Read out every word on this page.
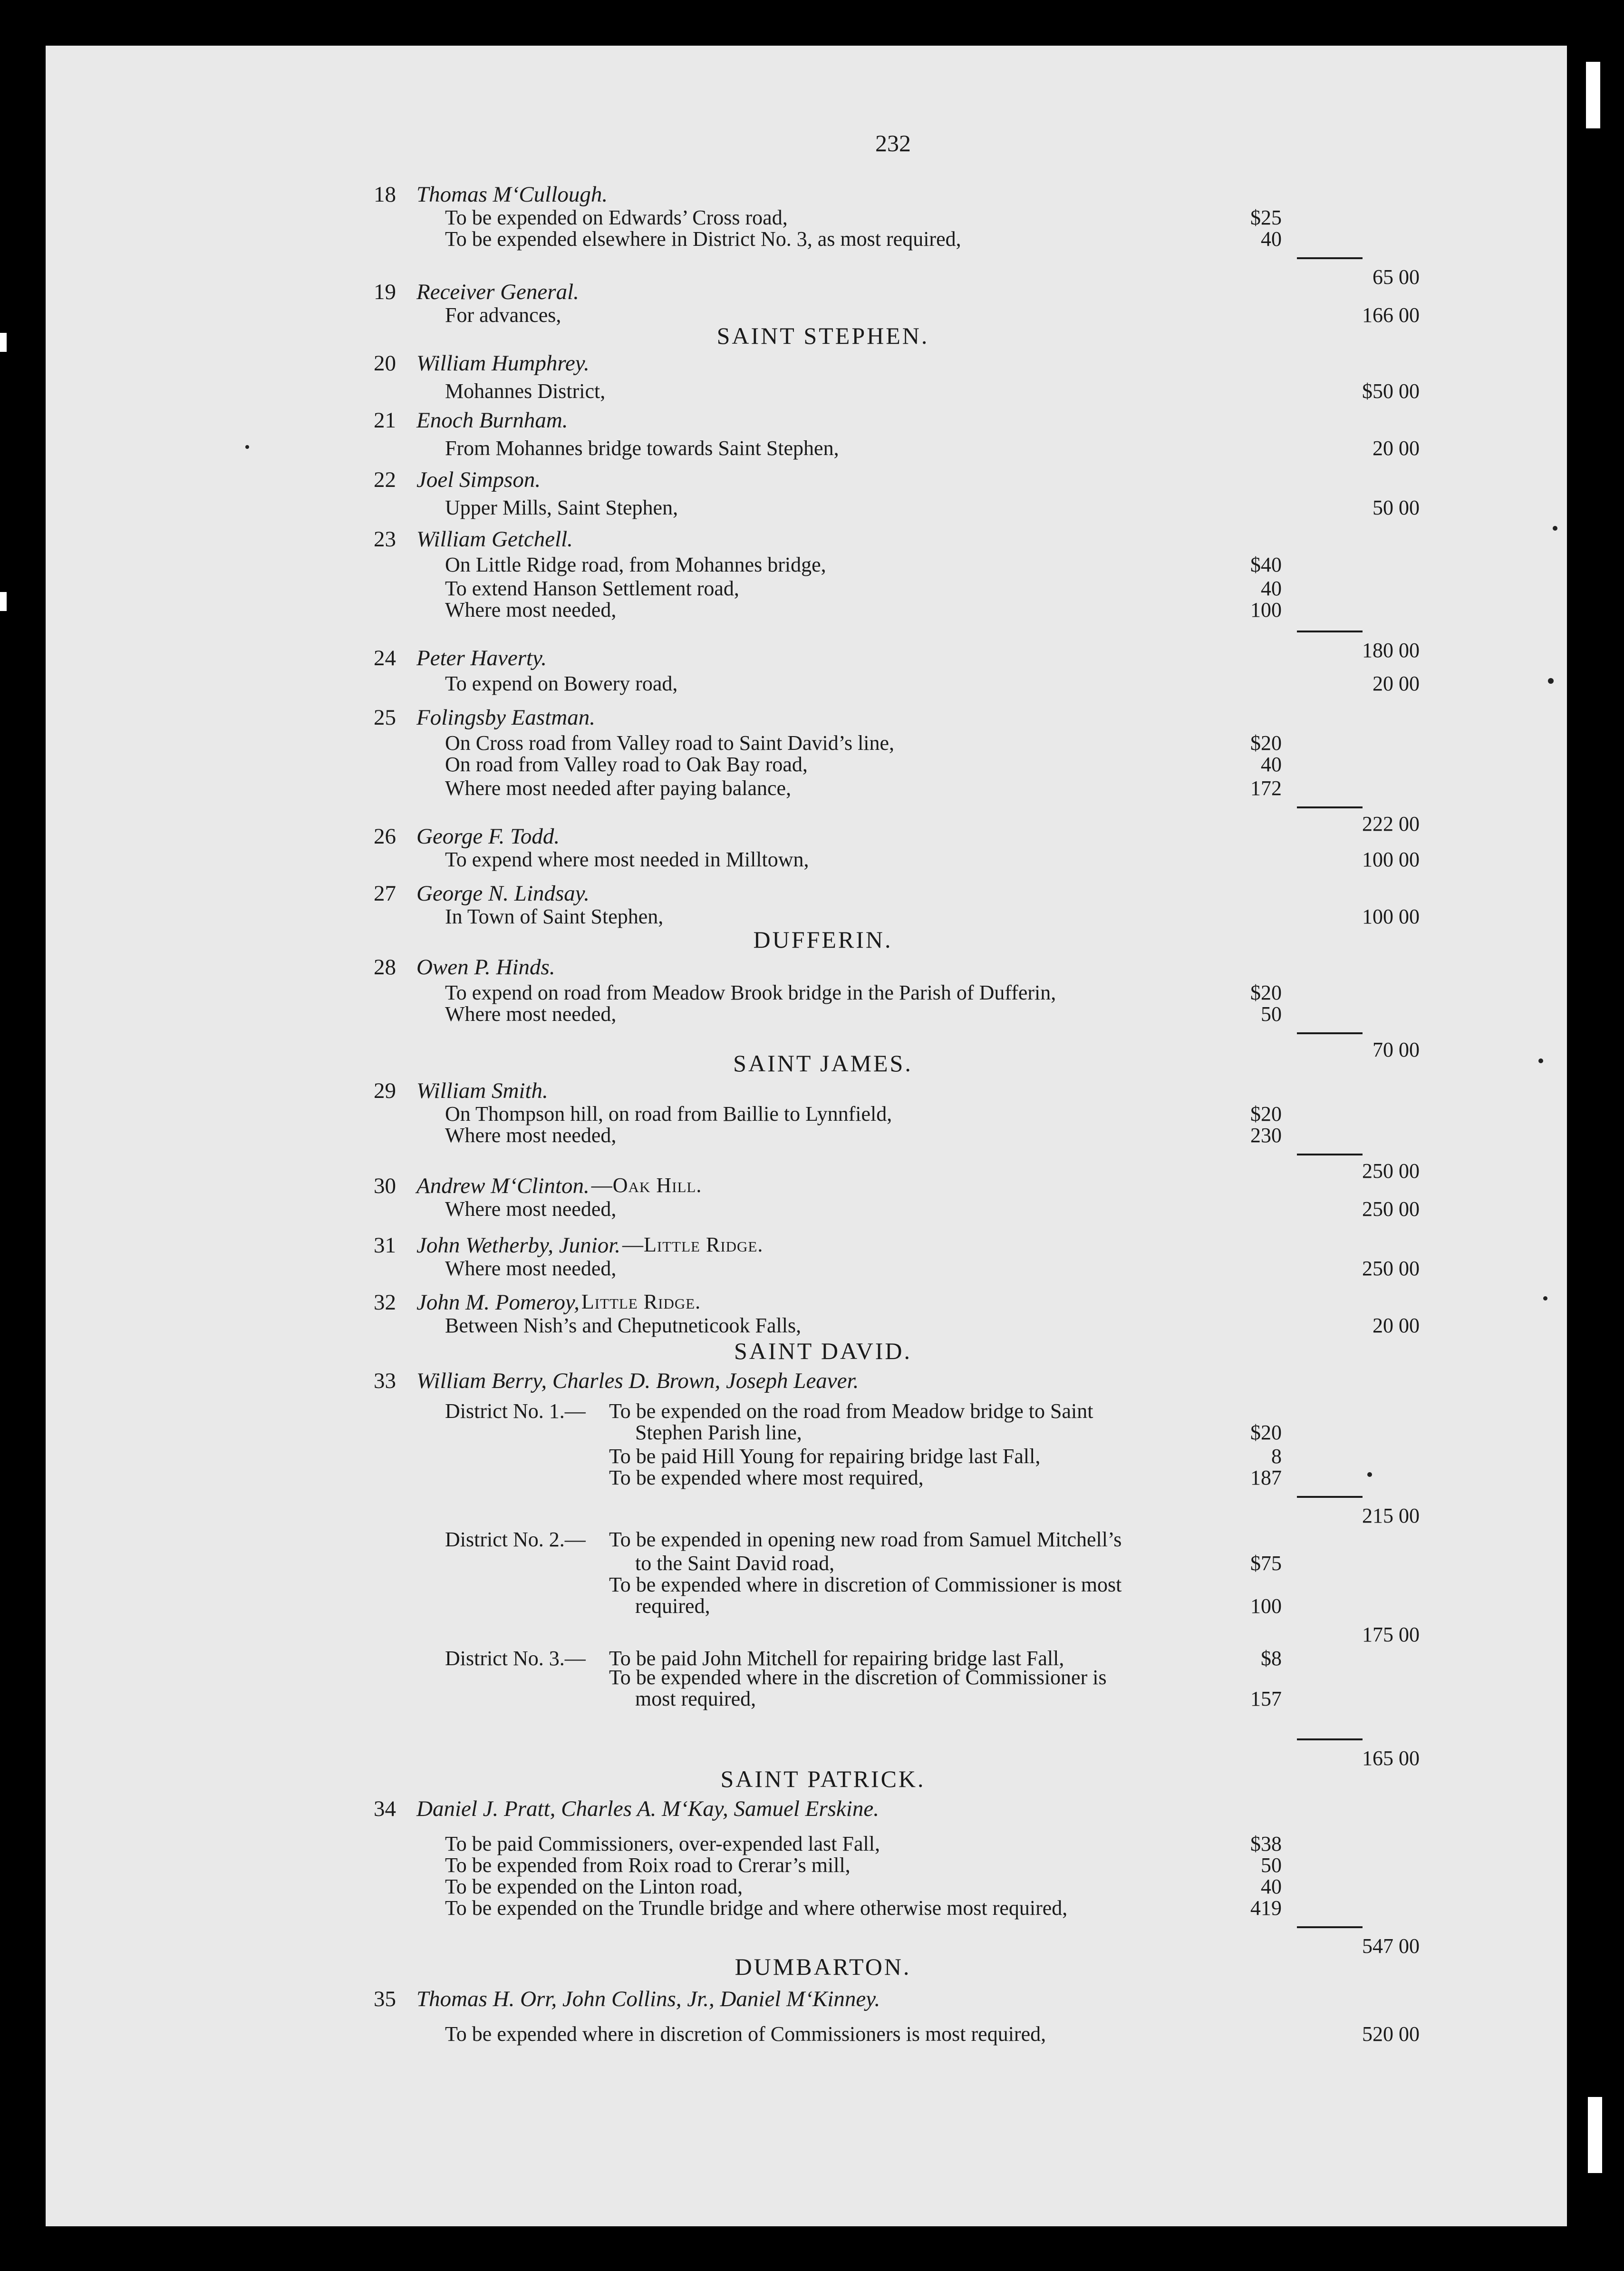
232
18 Thomas M‘Cullough.
To be expended on Edwards’ Cross road,	$25
To be expended elsewhere in District No. 3, as most required,	40
65 00
19 Receiver General.
For advances,	166 00
SAINT STEPHEN.
20 William Humphrey.
Mohannes District,	$50 00
21 Enoch Burnham.
From Mohannes bridge towards Saint Stephen,	20 00
22 Joel Simpson.
Upper Mills, Saint Stephen,	50 00
23 William Getchell.
On Little Ridge road, from Mohannes bridge,	$40
To extend Hanson Settlement road,	40
Where most needed,	100
180 00
24 Peter Haverty.
To expend on Bowery road,	20 00
25 Folingsby Eastman.
On Cross road from Valley road to Saint David’s line,	$20
On road from Valley road to Oak Bay road,	40
Where most needed after paying balance,	172
222 00
26 George F. Todd.
To expend where most needed in Milltown,	100 00
27 George N. Lindsay.
In Town of Saint Stephen,	100 00
DUFFERIN.
28 Owen P. Hinds.
To expend on road from Meadow Brook bridge in the Parish of Dufferin,	$20
Where most needed,	50
70 00
SAINT JAMES.
29 William Smith.
On Thompson hill, on road from Baillie to Lynnfield,	$20
Where most needed,	230
250 00
30 Andrew M‘Clinton. —Oak Hill.
Where most needed,	250 00
31 John Wetherby, Junior. —Little Ridge.
Where most needed,	250 00
32 John M. Pomeroy, Little Ridge.
Between Nish’s and Cheputneticook Falls,	20 00
SAINT DAVID.
33 William Berry, Charles D. Brown, Joseph Leaver.
District No. 1.— To be expended on the road from Meadow bridge to Saint
Stephen Parish line,	$20
To be paid Hill Young for repairing bridge last Fall,	8
To be expended where most required,	187
215 00
District No. 2.— To be expended in opening new road from Samuel Mitchell’s
to the Saint David road,	$75
To be expended where in discretion of Commissioner is most
required,	100
175 00
District No. 3.— To be paid John Mitchell for repairing bridge last Fall,	$8
To be expended where in the discretion of Commissioner is
most required,	157
165 00
SAINT PATRICK.
34 Daniel J. Pratt, Charles A. M‘Kay, Samuel Erskine.
To be paid Commissioners, over-expended last Fall,	$38
To be expended from Roix road to Crerar’s mill,	50
To be expended on the Linton road,	40
To be expended on the Trundle bridge and where otherwise most required,	419
547 00
DUMBARTON.
35 Thomas H. Orr, John Collins, Jr., Daniel M‘Kinney.
To be expended where in discretion of Commissioners is most required,	520 00
